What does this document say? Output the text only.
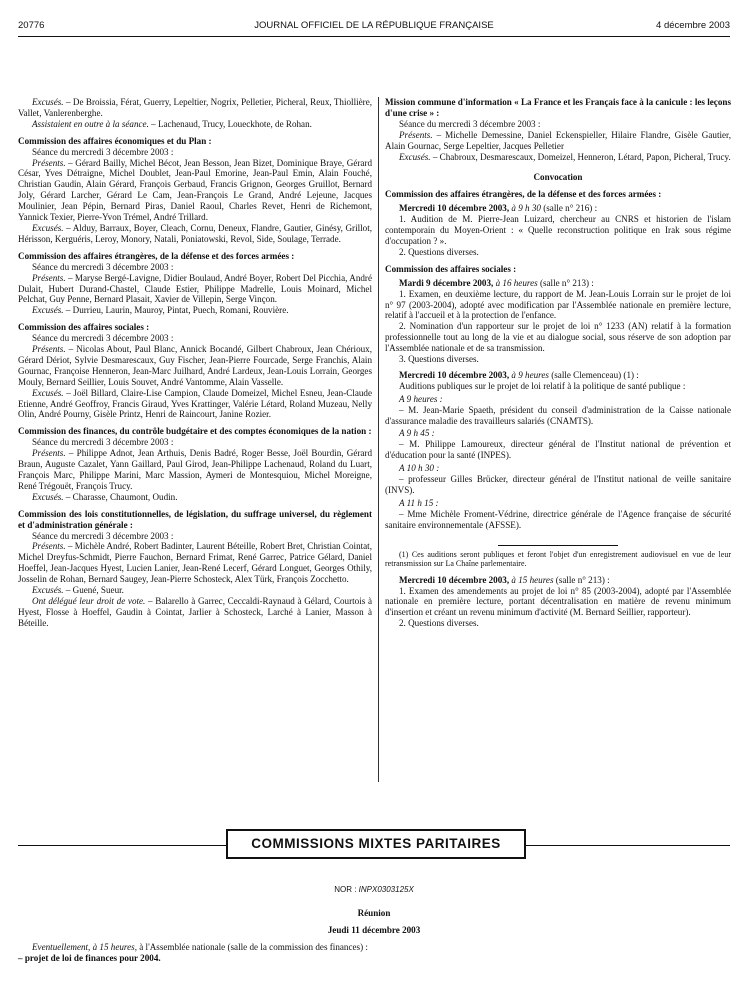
20776	JOURNAL OFFICIEL DE LA RÉPUBLIQUE FRANÇAISE	4 décembre 2003

Excusés. – De Broissia, Férat, Guerry, Lepeltier, Nogrix, Pelletier, Picheral, Reux, Thiollière, Vallet, Vanlerenberghe.

Assistaient en outre à la séance. – Lachenaud, Trucy, Loueckhote, de Rohan.

Commission des affaires économiques et du Plan :

Séance du mercredi 3 décembre 2003 :

Présents. – Gérard Bailly, Michel Bécot, Jean Besson, Jean Bizet, Dominique Braye, Gérard César, Yves Détraigne, Michel Doublet, Jean-Paul Emorine, Jean-Paul Emin, Alain Fouché, Christian Gaudin, Alain Gérard, François Gerbaud, Francis Grignon, Georges Gruillot, Bernard Joly, Gérard Larcher, Gérard Le Cam, Jean-François Le Grand, André Lejeune, Jacques Moulinier, Jean Pépin, Bernard Piras, Daniel Raoul, Charles Revet, Henri de Richemont, Yannick Texier, Pierre-Yvon Trémel, André Trillard.

Excusés. – Alduy, Barraux, Boyer, Cleach, Cornu, Deneux, Flandre, Gautier, Ginésy, Grillot, Hérisson, Kerguéris, Leroy, Monory, Natali, Poniatowski, Revol, Side, Soulage, Terrade.

Commission des affaires étrangères, de la défense et des forces armées :

Séance du mercredi 3 décembre 2003 :

Présents. – Maryse Bergé-Lavigne, Didier Boulaud, André Boyer, Robert Del Picchia, André Dulait, Hubert Durand-Chastel, Claude Estier, Philippe Madrelle, Louis Moinard, Michel Pelchat, Guy Penne, Bernard Plasait, Xavier de Villepin, Serge Vinçon.

Excusés. – Durrieu, Laurin, Mauroy, Pintat, Puech, Romani, Rouvière.

Commission des affaires sociales :

Séance du mercredi 3 décembre 2003 :

Présents. – Nicolas About, Paul Blanc, Annick Bocandé, Gilbert Chabroux, Jean Chérioux, Gérard Dériot, Sylvie Desmarescaux, Guy Fischer, Jean-Pierre Fourcade, Serge Franchis, Alain Gournac, Françoise Henneron, Jean-Marc Juilhard, André Lardeux, Jean-Louis Lorrain, Georges Mouly, Bernard Seillier, Louis Souvet, André Vantomme, Alain Vasselle.

Excusés. – Joël Billard, Claire-Lise Campion, Claude Domeizel, Michel Esneu, Jean-Claude Etienne, André Geoffroy, Francis Giraud, Yves Krattinger, Valérie Létard, Roland Muzeau, Nelly Olin, André Pourny, Gisèle Printz, Henri de Raincourt, Janine Rozier.

Commission des finances, du contrôle budgétaire et des comptes économiques de la nation :

Séance du mercredi 3 décembre 2003 :

Présents. – Philippe Adnot, Jean Arthuis, Denis Badré, Roger Besse, Joël Bourdin, Gérard Braun, Auguste Cazalet, Yann Gaillard, Paul Girod, Jean-Philippe Lachenaud, Roland du Luart, François Marc, Philippe Marini, Marc Massion, Aymeri de Montesquiou, Michel Moreigne, René Trégouët, François Trucy.

Excusés. – Charasse, Chaumont, Oudin.

Commission des lois constitutionnelles, de législation, du suffrage universel, du règlement et d'administration générale :

Séance du mercredi 3 décembre 2003 :

Présents. – Michèle André, Robert Badinter, Laurent Béteille, Robert Bret, Christian Cointat, Michel Dreyfus-Schmidt, Pierre Fauchon, Bernard Frimat, René Garrec, Patrice Gélard, Daniel Hoeffel, Jean-Jacques Hyest, Lucien Lanier, Jean-René Lecerf, Gérard Longuet, Georges Othily, Josselin de Rohan, Bernard Saugey, Jean-Pierre Schosteck, Alex Türk, François Zocchetto.

Excusés. – Guené, Sueur.

Ont délégué leur droit de vote. – Balarello à Garrec, Ceccaldi-Raynaud à Gélard, Courtois à Hyest, Flosse à Hoeffel, Gaudin à Cointat, Jarlier à Schosteck, Larché à Lanier, Masson à Béteille.

Mission commune d'information « La France et les Français face à la canicule : les leçons d'une crise » :

Séance du mercredi 3 décembre 2003 :

Présents. – Michelle Demessine, Daniel Eckenspieller, Hilaire Flandre, Gisèle Gautier, Alain Gournac, Serge Lepeltier, Jacques Pelletier

Excusés. – Chabroux, Desmarescaux, Domeizel, Henneron, Létard, Papon, Picheral, Trucy.

Convocation

Commission des affaires étrangères, de la défense et des forces armées :

Mercredi 10 décembre 2003, à 9 h 30 (salle n° 216) :

1. Audition de M. Pierre-Jean Luizard, chercheur au CNRS et historien de l'islam contemporain du Moyen-Orient : « Quelle reconstruction politique en Irak sous régime d'occupation ? ».

2. Questions diverses.

Commission des affaires sociales :

Mardi 9 décembre 2003, à 16 heures (salle n° 213) :

1. Examen, en deuxième lecture, du rapport de M. Jean-Louis Lorrain sur le projet de loi n° 97 (2003-2004), adopté avec modification par l'Assemblée nationale en première lecture, relatif à l'accueil et à la protection de l'enfance.

2. Nomination d'un rapporteur sur le projet de loi n° 1233 (AN) relatif à la formation professionnelle tout au long de la vie et au dialogue social, sous réserve de son adoption par l'Assemblée nationale et de sa transmission.

3. Questions diverses.

Mercredi 10 décembre 2003, à 9 heures (salle Clemenceau) (1) :

Auditions publiques sur le projet de loi relatif à la politique de santé publique :

A 9 heures :

– M. Jean-Marie Spaeth, président du conseil d'administration de la Caisse nationale d'assurance maladie des travailleurs salariés (CNAMTS).

A 9 h 45 :

– M. Philippe Lamoureux, directeur général de l'Institut national de prévention et d'éducation pour la santé (INPES).

A 10 h 30 :

– professeur Gilles Brücker, directeur général de l'Institut national de veille sanitaire (INVS).

A 11 h 15 :

– Mme Michèle Froment-Védrine, directrice générale de l'Agence française de sécurité sanitaire environnementale (AFSSE).

(1) Ces auditions seront publiques et feront l'objet d'un enregistrement audiovisuel en vue de leur retransmission sur La Chaîne parlementaire.

Mercredi 10 décembre 2003, à 15 heures (salle n° 213) :

1. Examen des amendements au projet de loi n° 85 (2003-2004), adopté par l'Assemblée nationale en première lecture, portant décentralisation en matière de revenu minimum d'insertion et créant un revenu minimum d'activité (M. Bernard Seillier, rapporteur).

2. Questions diverses.

COMMISSIONS MIXTES PARITAIRES
NOR : INPX0303125X
Réunion
Jeudi 11 décembre 2003

Eventuellement, à 15 heures, à l'Assemblée nationale (salle de la commission des finances) :

– projet de loi de finances pour 2004.
